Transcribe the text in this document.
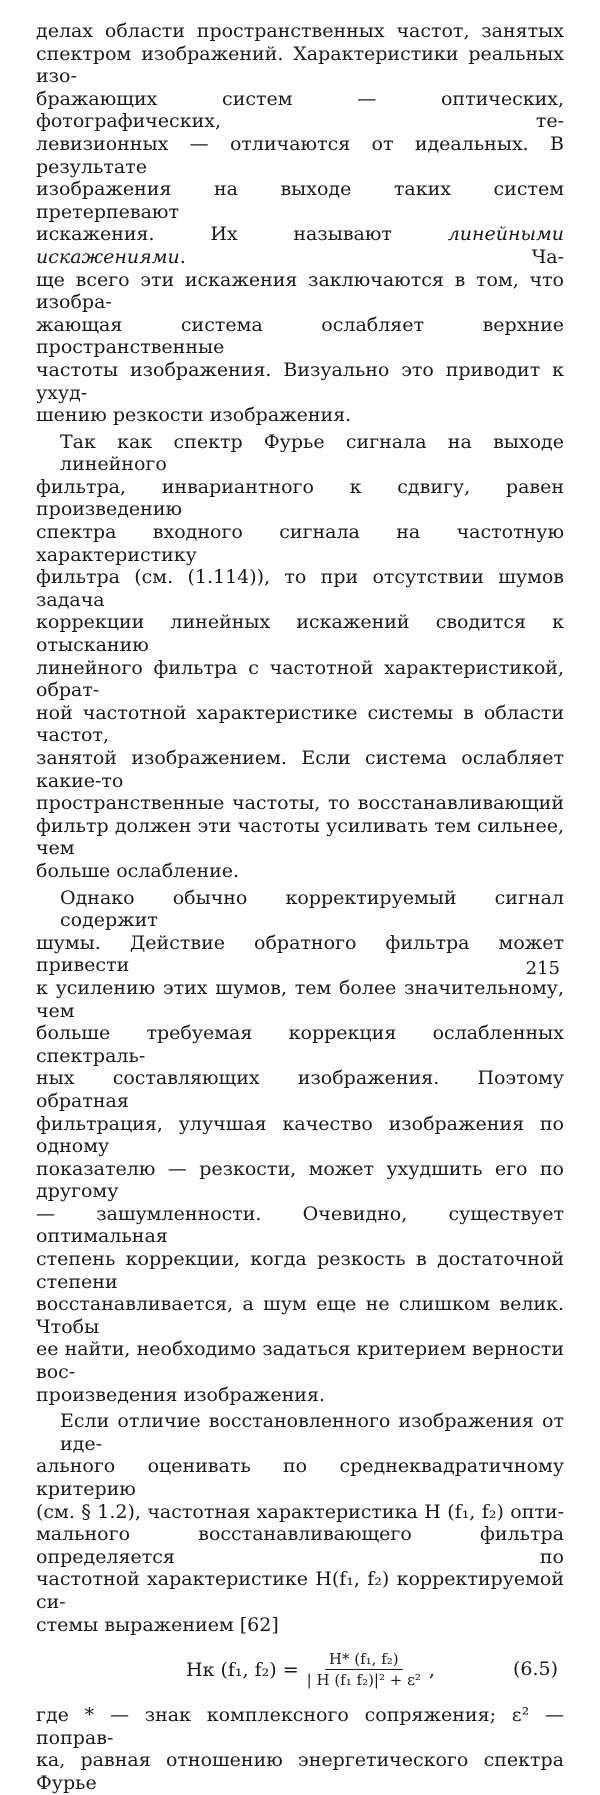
делах области пространственных частот, занятых
спектром изображений. Характеристики реальных изо-
бражающих систем — оптических, фотографических, те-
левизионных — отличаются от идеальных. В результате
изображения на выходе таких систем претерпевают
искажения. Их называют линейными искажениями. Ча-
ще всего эти искажения заключаются в том, что изобра-
жающая система ослабляет верхние пространственные
частоты изображения. Визуально это приводит к ухуд-
шению резкости изображения.

Так как спектр Фурье сигнала на выходе линейного
фильтра, инвариантного к сдвигу, равен произведению
спектра входного сигнала на частотную характеристику
фильтра (см. (1.114)), то при отсутствии шумов задача
коррекции линейных искажений сводится к отысканию
линейного фильтра с частотной характеристикой, обрат-
ной частотной характеристике системы в области частот,
занятой изображением. Если система ослабляет какие-то
пространственные частоты, то восстанавливающий
фильтр должен эти частоты усиливать тем сильнее, чем
больше ослабление.

Однако обычно корректируемый сигнал содержит
шумы. Действие обратного фильтра может привести
к усилению этих шумов, тем более значительному, чем
больше требуемая коррекция ослабленных спектраль-
ных составляющих изображения. Поэтому обратная
фильтрация, улучшая качество изображения по одному
показателю — резкости, может ухудшить его по другому
— зашумленности. Очевидно, существует оптимальная
степень коррекции, когда резкость в достаточной степени
восстанавливается, а шум еще не слишком велик. Чтобы
ее найти, необходимо задаться критерием верности вос-
произведения изображения.

Если отличие восстановленного изображения от иде-
ального оценивать по среднеквадратичному критерию
(см. § 1.2), частотная характеристика H (f₁, f₂) опти-
мального восстанавливающего фильтра определяется по
частотной характеристике H(f₁, f₂) корректируемой си-
стемы выражением [62]

Hк (f₁, $f_2) = \frac{\text{H* (f₁, f₂)}}{\text{| H (f₁ f₂)|² + ε²}}$ ,	(6.5)

где * — знак комплексного сопряжения; ε² — поправ-
ка, равная отношению энергетического спектра Фурье

215
